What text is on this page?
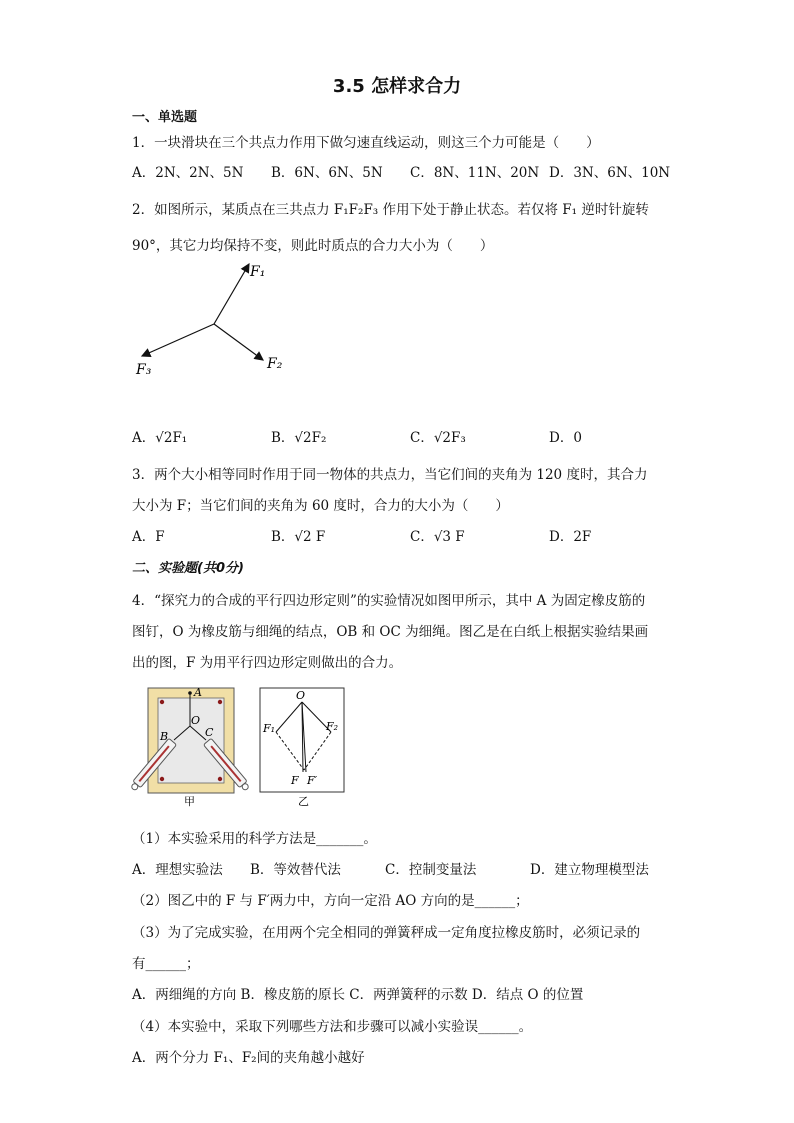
3.5 怎样求合力
一、单选题
1．一块滑块在三个共点力作用下做匀速直线运动，则这三个力可能是（　　）
A．2N、2N、5N B．6N、6N、5N C．8N、11N、20N D．3N、6N、10N
2．如图所示，某质点在三共点力 F₁F₂F₃ 作用下处于静止状态。若仅将 F₁ 逆时针旋转
90°，其它力均保持不变，则此时质点的合力大小为（　　）
F₁
F₂
F₃
A．√2F₁	B．√2F₂	C．√2F₃	D．0
3．两个大小相等同时作用于同一物体的共点力，当它们间的夹角为 120 度时，其合力
大小为 F；当它们间的夹角为 60 度时，合力的大小为（　　）
A．F	B．√2 F	C．√3 F	D．2F
二、实验题(共0分)
4．“探究力的合成的平行四边形定则”的实验情况如图甲所示，其中 A 为固定橡皮筋的
图钉，O 为橡皮筋与细绳的结点，OB 和 OC 为细绳。图乙是在白纸上根据实验结果画
出的图，F 为用平行四边形定则做出的合力。
A
O
B	C
甲
O
F₁	F₂
F F′
乙
（1）本实验采用的科学方法是_______。
A．理想实验法 B．等效替代法	C．控制变量法	D．建立物理模型法
（2）图乙中的 F 与 F′两力中，方向一定沿 AO 方向的是______；
（3）为了完成实验，在用两个完全相同的弹簧秤成一定角度拉橡皮筋时，必须记录的
有______；
A．两细绳的方向 B．橡皮筋的原长 C．两弹簧秤的示数 D．结点 O 的位置
（4）本实验中，采取下列哪些方法和步骤可以减小实验误______。
A．两个分力 F₁、F₂间的夹角越小越好
